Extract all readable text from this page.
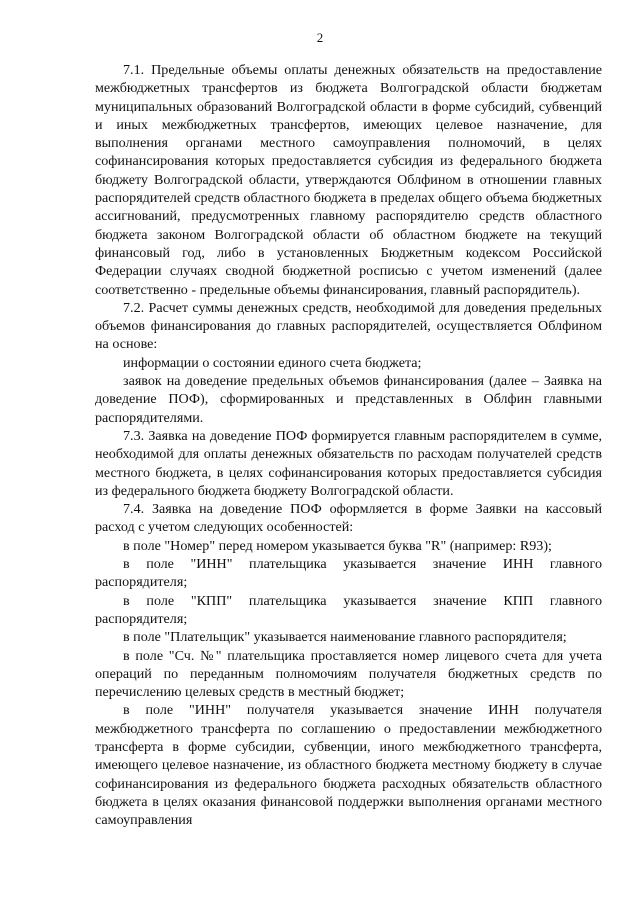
2

7.1. Предельные объемы оплаты денежных обязательств на предоставление межбюджетных трансфертов из бюджета Волгоградской области бюджетам муниципальных образований Волгоградской области в форме субсидий, субвенций и иных межбюджетных трансфертов, имеющих целевое назначение, для выполнения органами местного самоуправления полномочий, в целях софинансирования которых предоставляется субсидия из федерального бюджета бюджету Волгоградской области, утверждаются Облфином в отношении главных распорядителей средств областного бюджета в пределах общего объема бюджетных ассигнований, предусмотренных главному распорядителю средств областного бюджета законом Волгоградской области об областном бюджете на текущий финансовый год, либо в установленных Бюджетным кодексом Российской Федерации случаях сводной бюджетной росписью с учетом изменений (далее соответственно - предельные объемы финансирования, главный распорядитель).

7.2. Расчет суммы денежных средств, необходимой для доведения предельных объемов финансирования до главных распорядителей, осуществляется Облфином на основе:

информации о состоянии единого счета бюджета;

заявок на доведение предельных объемов финансирования (далее – Заявка на доведение ПОФ), сформированных и представленных в Облфин главными распорядителями.

7.3. Заявка на доведение ПОФ формируется главным распорядителем в сумме, необходимой для оплаты денежных обязательств по расходам получателей средств местного бюджета, в целях софинансирования которых предоставляется субсидия из федерального бюджета бюджету Волгоградской области.

7.4. Заявка на доведение ПОФ оформляется в форме Заявки на кассовый расход с учетом следующих особенностей:

в поле "Номер" перед номером указывается буква "R" (например: R93);

в поле "ИНН" плательщика указывается значение ИНН главного распорядителя;

в поле "КПП" плательщика указывается значение КПП главного распорядителя;

в поле "Плательщик" указывается наименование главного распорядителя;

в поле "Сч. №" плательщика проставляется номер лицевого счета для учета операций по переданным полномочиям получателя бюджетных средств по перечислению целевых средств в местный бюджет;

в поле "ИНН" получателя указывается значение ИНН получателя межбюджетного трансферта по соглашению о предоставлении межбюджетного трансферта в форме субсидии, субвенции, иного межбюджетного трансферта, имеющего целевое назначение, из областного бюджета местному бюджету в случае софинансирования из федерального бюджета расходных обязательств областного бюджета в целях оказания финансовой поддержки выполнения органами местного самоуправления
